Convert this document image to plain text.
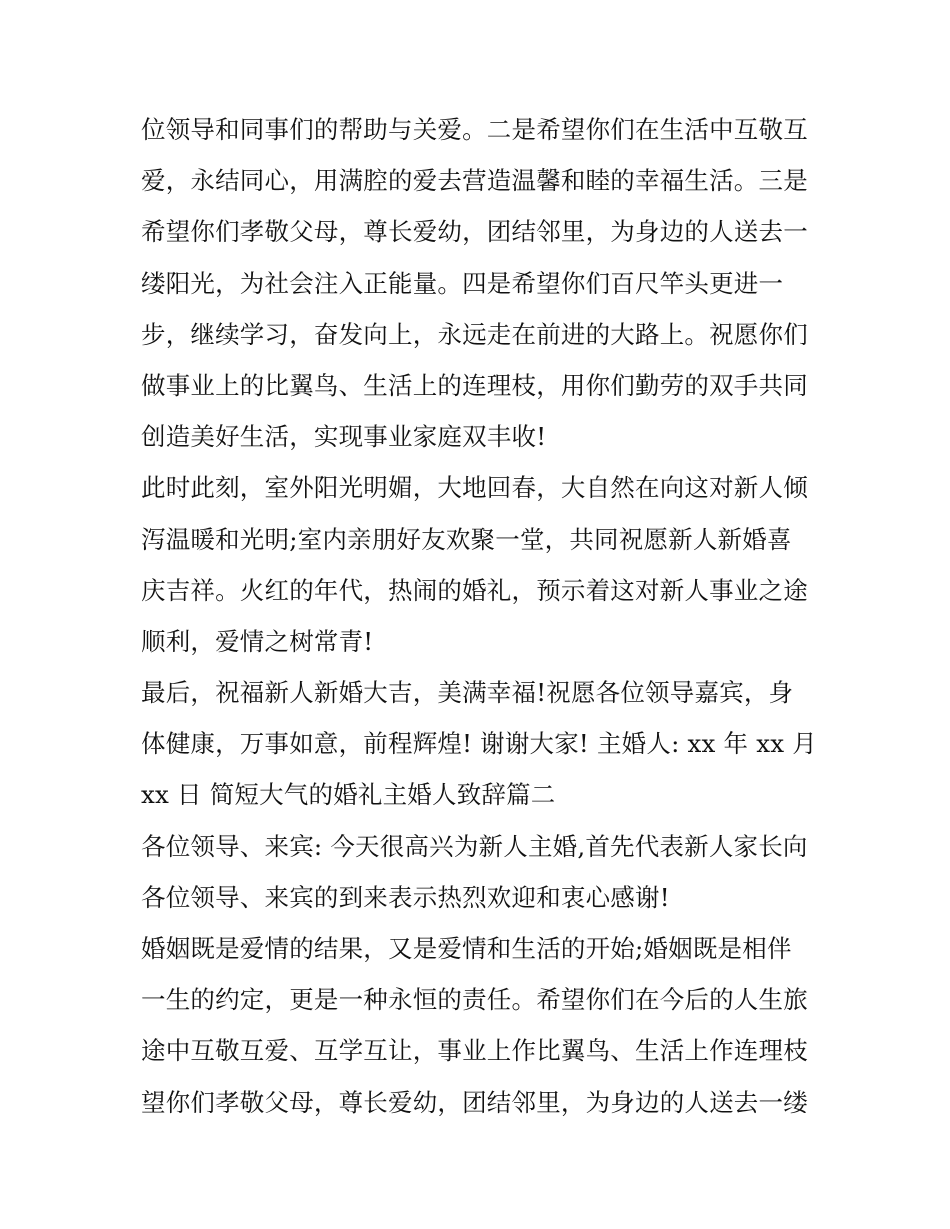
位领导和同事们的帮助与关爱。二是希望你们在生活中互敬互
爱，永结同心，用满腔的爱去营造温馨和睦的幸福生活。三是
希望你们孝敬父母，尊长爱幼，团结邻里，为身边的人送去一
缕阳光，为社会注入正能量。四是希望你们百尺竿头更进一
步，继续学习，奋发向上，永远走在前进的大路上。祝愿你们
做事业上的比翼鸟、生活上的连理枝，用你们勤劳的双手共同
创造美好生活，实现事业家庭双丰收!
此时此刻，室外阳光明媚，大地回春，大自然在向这对新人倾
泻温暖和光明;室内亲朋好友欢聚一堂，共同祝愿新人新婚喜
庆吉祥。火红的年代，热闹的婚礼，预示着这对新人事业之途
顺利，爱情之树常青!
最后，祝福新人新婚大吉，美满幸福!祝愿各位领导嘉宾，身
体健康，万事如意，前程辉煌! 谢谢大家! 主婚人: xx 年 xx 月
xx 日 简短大气的婚礼主婚人致辞篇二
各位领导、来宾: 今天很高兴为新人主婚,首先代表新人家长向
各位领导、来宾的到来表示热烈欢迎和衷心感谢!
婚姻既是爱情的结果，又是爱情和生活的开始;婚姻既是相伴
一生的约定，更是一种永恒的责任。希望你们在今后的人生旅
途中互敬互爱、互学互让，事业上作比翼鸟、生活上作连理枝
望你们孝敬父母，尊长爱幼，团结邻里，为身边的人送去一缕
